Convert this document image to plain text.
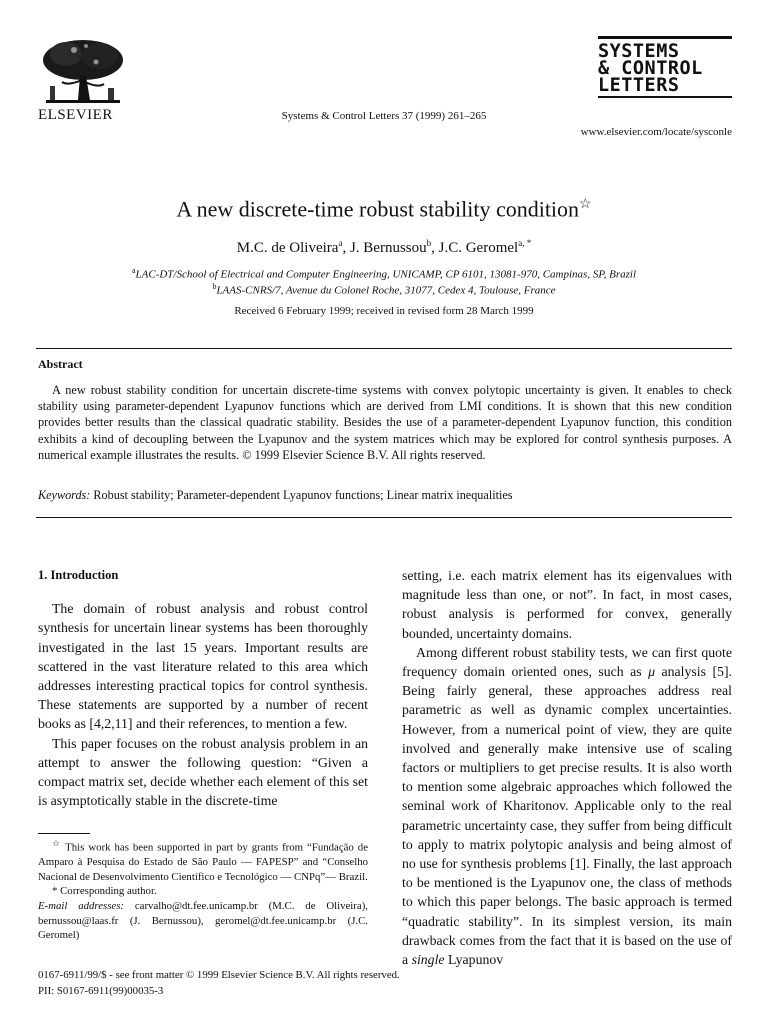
ELSEVIER	Systems & Control Letters 37 (1999) 261–265
SYSTEMS
& CONTROL
LETTERS
www.elsevier.com/locate/sysconle
A new discrete-time robust stability condition☆
M.C. de Oliveira$^a$, J. Bernussou$^b$, J.C. Geromel$^{a, *}$
$^a$LAC-DT/School of Electrical and Computer Engineering, UNICAMP, CP 6101, 13081-970, Campinas, SP, Brazil
$^b$LAAS-CNRS/7, Avenue du Colonel Roche, 31077, Cedex 4, Toulouse, France
Received 6 February 1999; received in revised form 28 March 1999
Abstract
A new robust stability condition for uncertain discrete-time systems with convex polytopic uncertainty is given. It enables to check stability using parameter-dependent Lyapunov functions which are derived from LMI conditions. It is shown that this new condition provides better results than the classical quadratic stability. Besides the use of a parameter-dependent Lyapunov function, this condition exhibits a kind of decoupling between the Lyapunov and the system matrices which may be explored for control synthesis purposes. A numerical example illustrates the results. © 1999 Elsevier Science B.V. All rights reserved.
Keywords: Robust stability; Parameter-dependent Lyapunov functions; Linear matrix inequalities
1. Introduction

The domain of robust analysis and robust control synthesis for uncertain linear systems has been thoroughly investigated in the last 15 years. Important results are scattered in the vast literature related to this area which addresses interesting practical topics for control synthesis. These statements are supported by a number of recent books as [4,2,11] and their references, to mention a few.

This paper focuses on the robust analysis problem in an attempt to answer the following question: “Given a compact matrix set, decide whether each element of this set is asymptotically stable in the discrete-time

☆ This work has been supported in part by grants from “Fundação de Amparo à Pesquisa do Estado de São Paulo — FAPESP” and “Conselho Nacional de Desenvolvimento Científico e Tecnológico — CNPq”— Brazil.

* Corresponding author.

E-mail addresses: carvalho@dt.fee.unicamp.br (M.C. de Oliveira), bernussou@laas.fr (J. Bernussou), geromel@dt.fee.unicamp.br (J.C. Geromel)

setting, i.e. each matrix element has its eigenvalues with magnitude less than one, or not”. In fact, in most cases, robust analysis is performed for convex, generally bounded, uncertainty domains.

Among different robust stability tests, we can first quote frequency domain oriented ones, such as μ analysis [5]. Being fairly general, these approaches address real parametric as well as dynamic complex uncertainties. However, from a numerical point of view, they are quite involved and generally make intensive use of scaling factors or multipliers to get precise results. It is also worth to mention some algebraic approaches which followed the seminal work of Kharitonov. Applicable only to the real parametric uncertainty case, they suffer from being difficult to apply to matrix polytopic analysis and being almost of no use for synthesis problems [1]. Finally, the last approach to be mentioned is the Lyapunov one, the class of methods to which this paper belongs. The basic approach is termed “quadratic stability”. In its simplest version, its main drawback comes from the fact that it is based on the use of a single Lyapunov

0167-6911/99/$ - see front matter © 1999 Elsevier Science B.V. All rights reserved.
PII: S0167-6911(99)00035-3
